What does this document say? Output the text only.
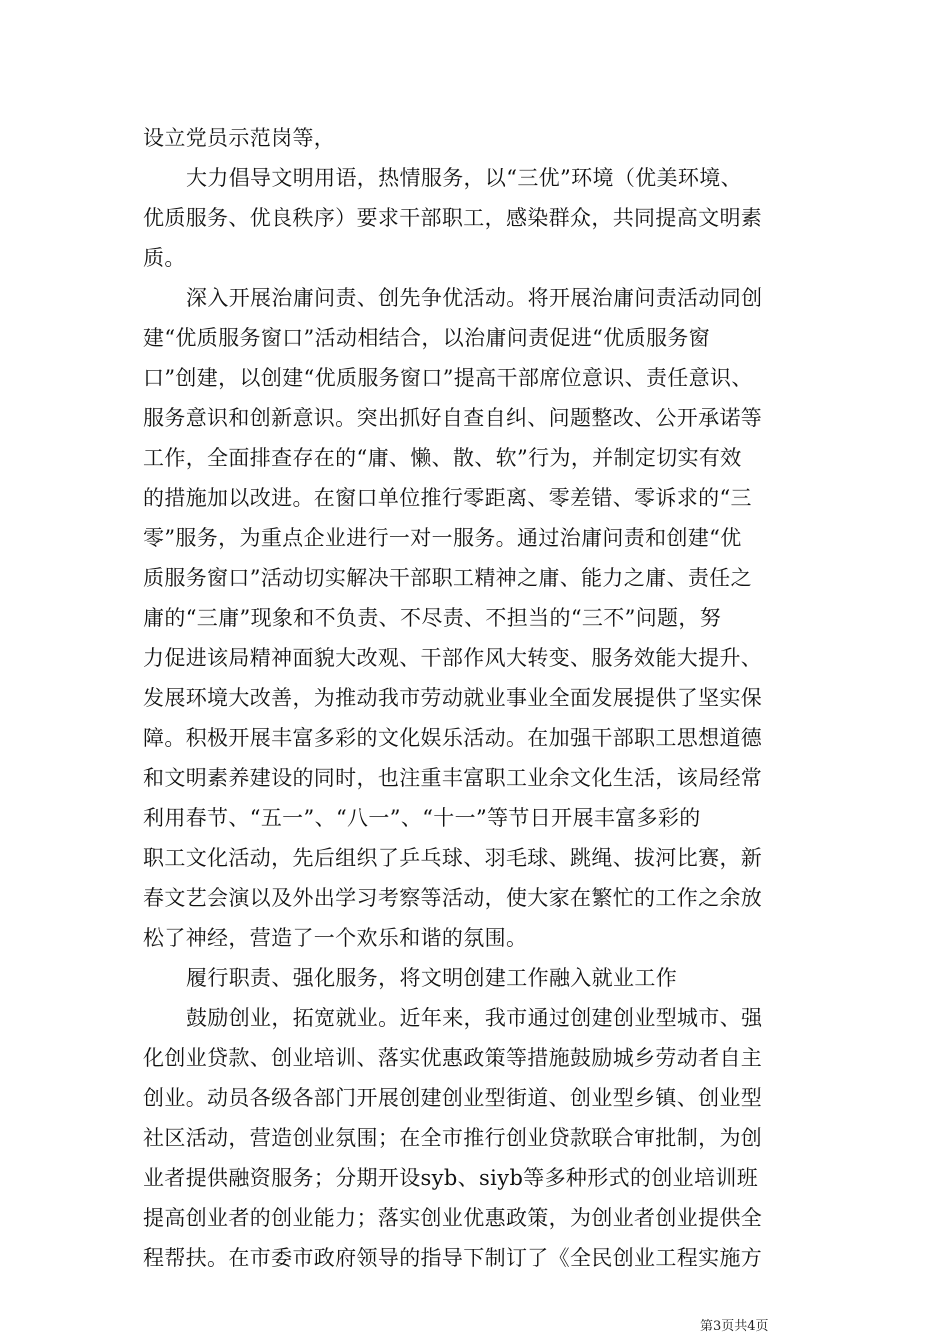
设立党员示范岗等，
大力倡导文明用语，热情服务，以“三优”环境（优美环境、
优质服务、优良秩序）要求干部职工，感染群众，共同提高文明素
质。
深入开展治庸问责、创先争优活动。将开展治庸问责活动同创
建“优质服务窗口”活动相结合，以治庸问责促进“优质服务窗
口”创建，以创建“优质服务窗口”提高干部席位意识、责任意识、
服务意识和创新意识。突出抓好自查自纠、问题整改、公开承诺等
工作，全面排查存在的“庸、懒、散、软”行为，并制定切实有效
的措施加以改进。在窗口单位推行零距离、零差错、零诉求的“三
零”服务，为重点企业进行一对一服务。通过治庸问责和创建“优
质服务窗口”活动切实解决干部职工精神之庸、能力之庸、责任之
庸的“三庸”现象和不负责、不尽责、不担当的“三不”问题，努
力促进该局精神面貌大改观、干部作风大转变、服务效能大提升、
发展环境大改善，为推动我市劳动就业事业全面发展提供了坚实保
障。积极开展丰富多彩的文化娱乐活动。在加强干部职工思想道德
和文明素养建设的同时，也注重丰富职工业余文化生活，该局经常
利用春节、“五一”、“八一”、“十一”等节日开展丰富多彩的
职工文化活动，先后组织了乒乓球、羽毛球、跳绳、拔河比赛，新
春文艺会演以及外出学习考察等活动，使大家在繁忙的工作之余放
松了神经，营造了一个欢乐和谐的氛围。
履行职责、强化服务，将文明创建工作融入就业工作
鼓励创业，拓宽就业。近年来，我市通过创建创业型城市、强
化创业贷款、创业培训、落实优惠政策等措施鼓励城乡劳动者自主
创业。动员各级各部门开展创建创业型街道、创业型乡镇、创业型
社区活动，营造创业氛围；在全市推行创业贷款联合审批制，为创
业者提供融资服务；分期开设syb、siyb等多种形式的创业培训班
提高创业者的创业能力；落实创业优惠政策，为创业者创业提供全
程帮扶。在市委市政府领导的指导下制订了《全民创业工程实施方
第3页共4页
